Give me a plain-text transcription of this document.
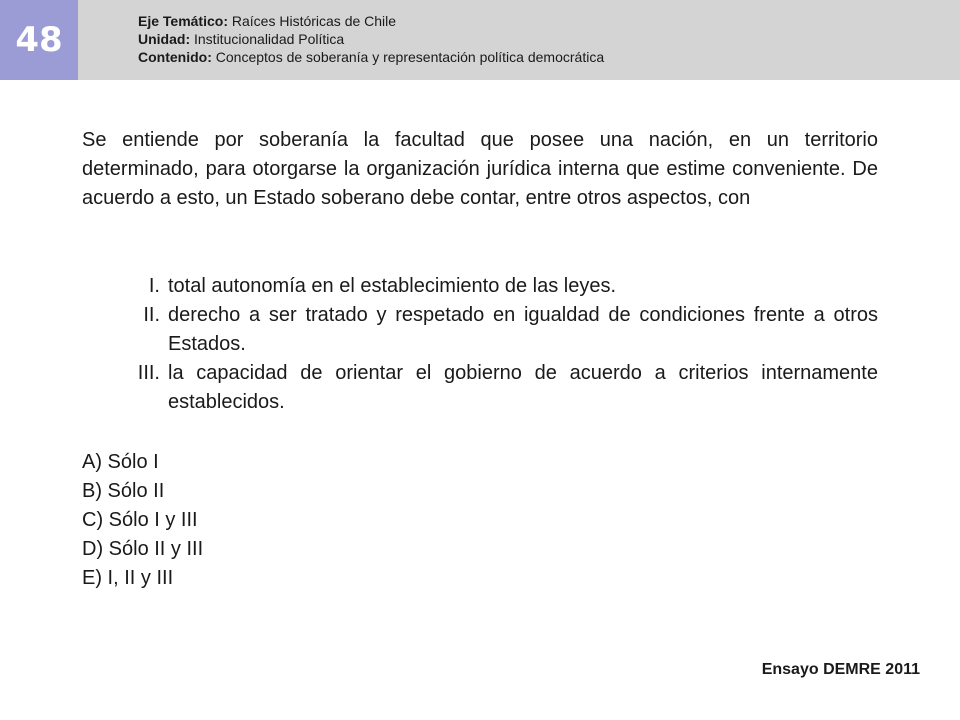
48	Eje Temático: Raíces Históricas de Chile
Unidad: Institucionalidad Política
Contenido: Conceptos de soberanía y representación política democrática

Se entiende por soberanía la facultad que posee una nación, en un territorio determinado, para otorgarse la organización jurídica interna que estime conveniente. De acuerdo a esto, un Estado soberano debe contar, entre otros aspectos, con

I. total autonomía en el establecimiento de las leyes.
II. derecho a ser tratado y respetado en igualdad de condiciones frente a otros Estados.
III. la capacidad de orientar el gobierno de acuerdo a criterios internamente establecidos.
A) Sólo I
B) Sólo II
C) Sólo I y III
D) Sólo II y III
E) I, II y III
Ensayo DEMRE 2011
